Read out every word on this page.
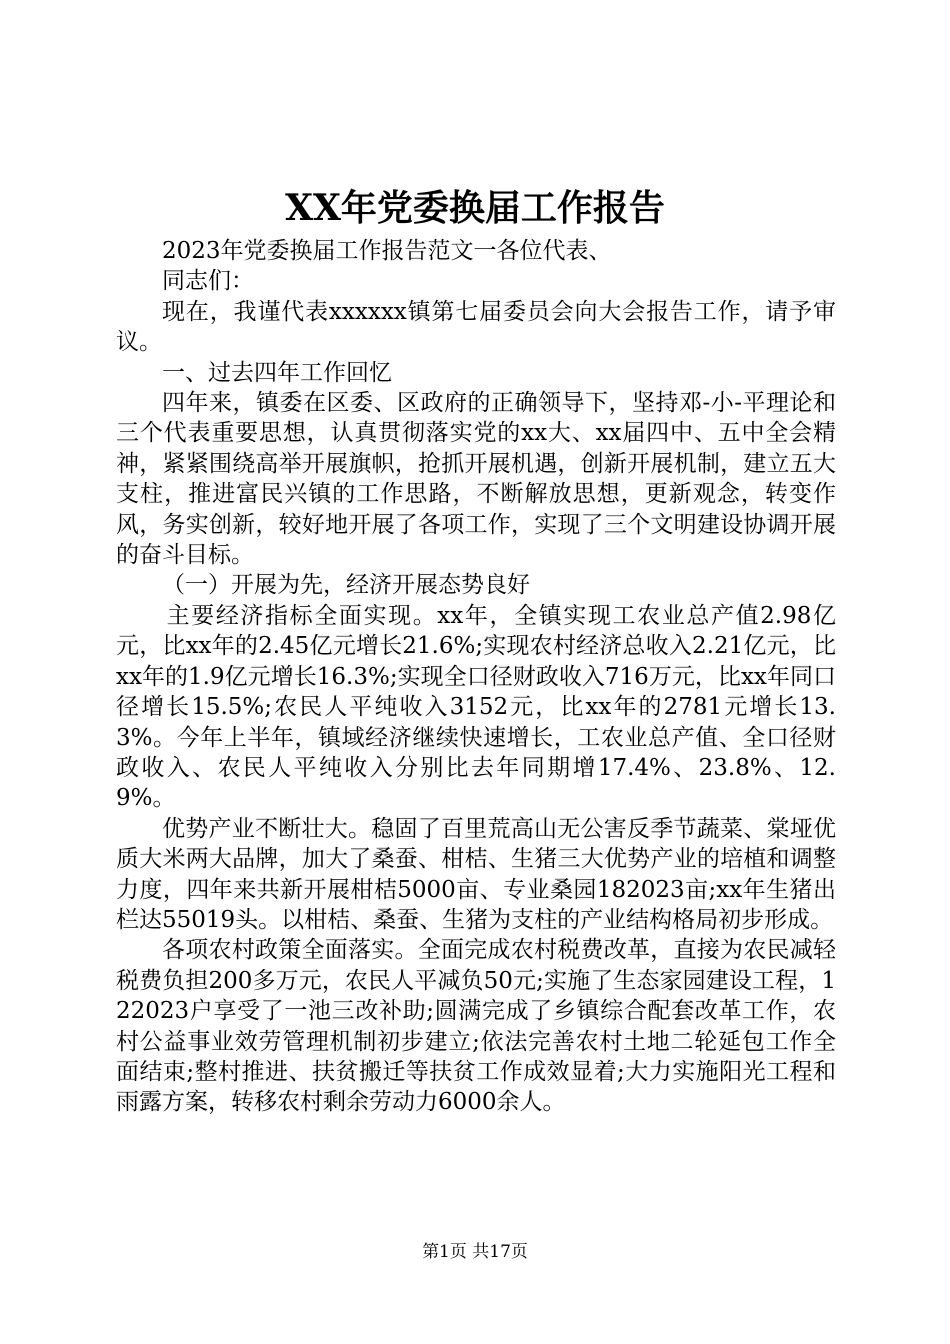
XX年党委换届工作报告

2023年党委换届工作报告范文一各位代表、

同志们：

现在，我谨代表xxxxxx镇第七届委员会向大会报告工作，请予审议。

一、过去四年工作回忆

四年来，镇委在区委、区政府的正确领导下，坚持邓-小-平理论和三个代表重要思想，认真贯彻落实党的xx大、xx届四中、五中全会精神，紧紧围绕高举开展旗帜，抢抓开展机遇，创新开展机制，建立五大支柱，推进富民兴镇的工作思路，不断解放思想，更新观念，转变作风，务实创新，较好地开展了各项工作，实现了三个文明建设协调开展的奋斗目标。

（一）开展为先，经济开展态势良好

主要经济指标全面实现。xx年，全镇实现工农业总产值2.98亿元，比xx年的2.45亿元增长21.6%;实现农村经济总收入2.21亿元，比xx年的1.9亿元增长16.3%;实现全口径财政收入716万元，比xx年同口径增长15.5%;农民人平纯收入3152元，比xx年的2781元增长13.3%。今年上半年，镇域经济继续快速增长，工农业总产值、全口径财政收入、农民人平纯收入分别比去年同期增17.4%、23.8%、12.9%。

优势产业不断壮大。稳固了百里荒高山无公害反季节蔬菜、棠垭优质大米两大品牌，加大了桑蚕、柑桔、生猪三大优势产业的培植和调整力度，四年来共新开展柑桔5000亩、专业桑园182023亩;xx年生猪出栏达55019头。以柑桔、桑蚕、生猪为支柱的产业结构格局初步形成。

各项农村政策全面落实。全面完成农村税费改革，直接为农民减轻税费负担200多万元，农民人平减负50元;实施了生态家园建设工程，122023户享受了一池三改补助;圆满完成了乡镇综合配套改革工作，农村公益事业效劳管理机制初步建立;依法完善农村土地二轮延包工作全面结束;整村推进、扶贫搬迁等扶贫工作成效显着;大力实施阳光工程和雨露方案，转移农村剩余劳动力6000余人。

第1页 共17页
